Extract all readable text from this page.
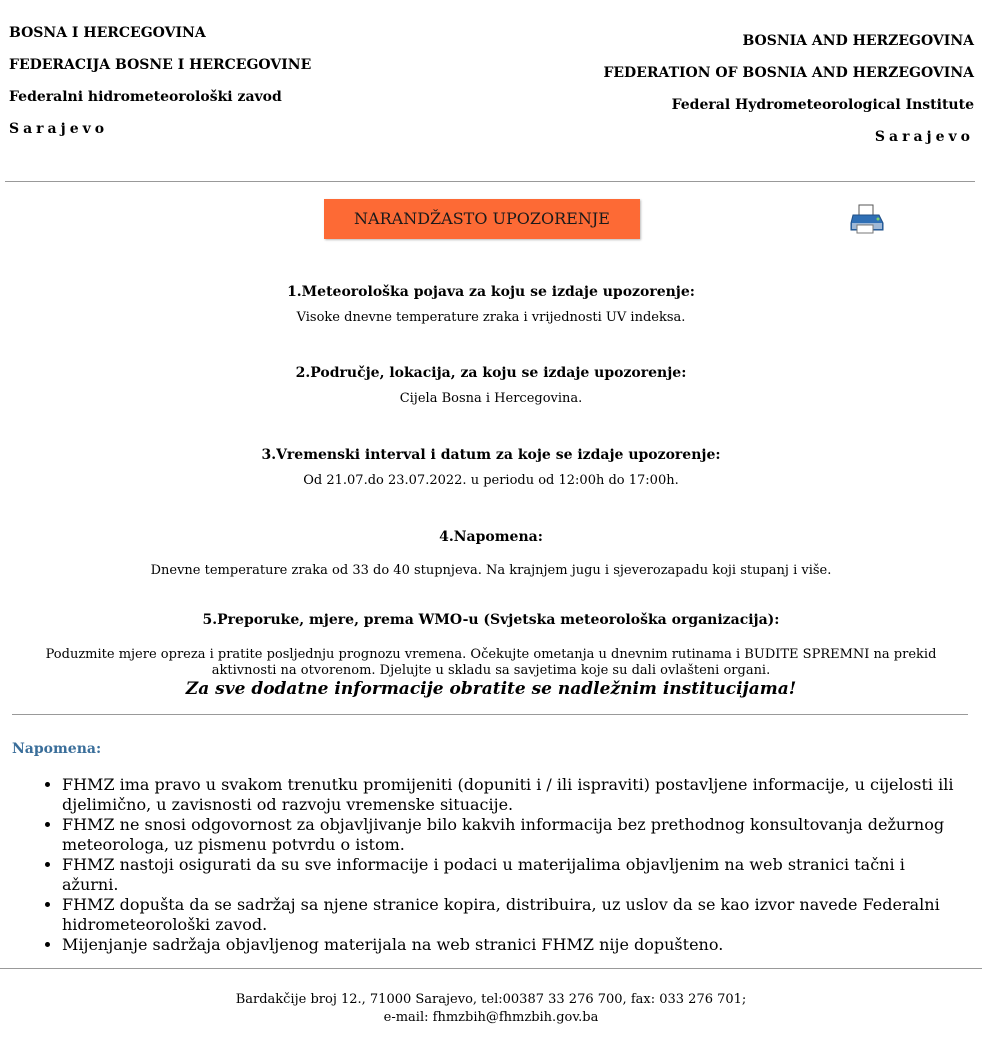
BOSNA I HERCEGOVINA
FEDERACIJA BOSNE I HERCEGOVINE
Federalni hidrometeorološki zavod
Sarajevo
BOSNIA AND HERZEGOVINA
FEDERATION OF BOSNIA AND HERZEGOVINA
Federal Hydrometeorological Institute
Sarajevo
NARANDŽASTO UPOZORENJE
1.Meteorološka pojava za koju se izdaje upozorenje:
Visoke dnevne temperature zraka i vrijednosti UV indeksa.
2.Područje, lokacija, za koju se izdaje upozorenje:
Cijela Bosna i Hercegovina.
3.Vremenski interval i datum za koje se izdaje upozorenje:
Od 21.07.do 23.07.2022. u periodu od 12:00h do 17:00h.
4.Napomena:
Dnevne temperature zraka od 33 do 40 stupnjeva. Na krajnjem jugu i sjeverozapadu koji stupanj i više.
5.Preporuke, mjere, prema WMO-u (Svjetska meteorološka organizacija):
Poduzmite mjere opreza i pratite posljednju prognozu vremena. Očekujte ometanja u dnevnim rutinama i BUDITE SPREMNI na prekid aktivnosti na otvorenom. Djelujte u skladu sa savjetima koje su dali ovlašteni organi.
Za sve dodatne informacije obratite se nadležnim institucijama!
Napomena:
• FHMZ ima pravo u svakom trenutku promijeniti (dopuniti i / ili ispraviti) postavljene informacije, u cijelosti ili djelimično, u zavisnosti od razvoju vremenske situacije.
• FHMZ ne snosi odgovornost za objavljivanje bilo kakvih informacija bez prethodnog konsultovanja dežurnog meteorologa, uz pismenu potvrdu o istom.
• FHMZ nastoji osigurati da su sve informacije i podaci u materijalima objavljenim na web stranici tačni i ažurni.
• FHMZ dopušta da se sadržaj sa njene stranice kopira, distribuira, uz uslov da se kao izvor navede Federalni hidrometeorološki zavod.
• Mijenjanje sadržaja objavljenog materijala na web stranici FHMZ nije dopušteno.
Bardakčije broj 12., 71000 Sarajevo, tel:00387 33 276 700, fax: 033 276 701;
e-mail: fhmzbih@fhmzbih.gov.ba
